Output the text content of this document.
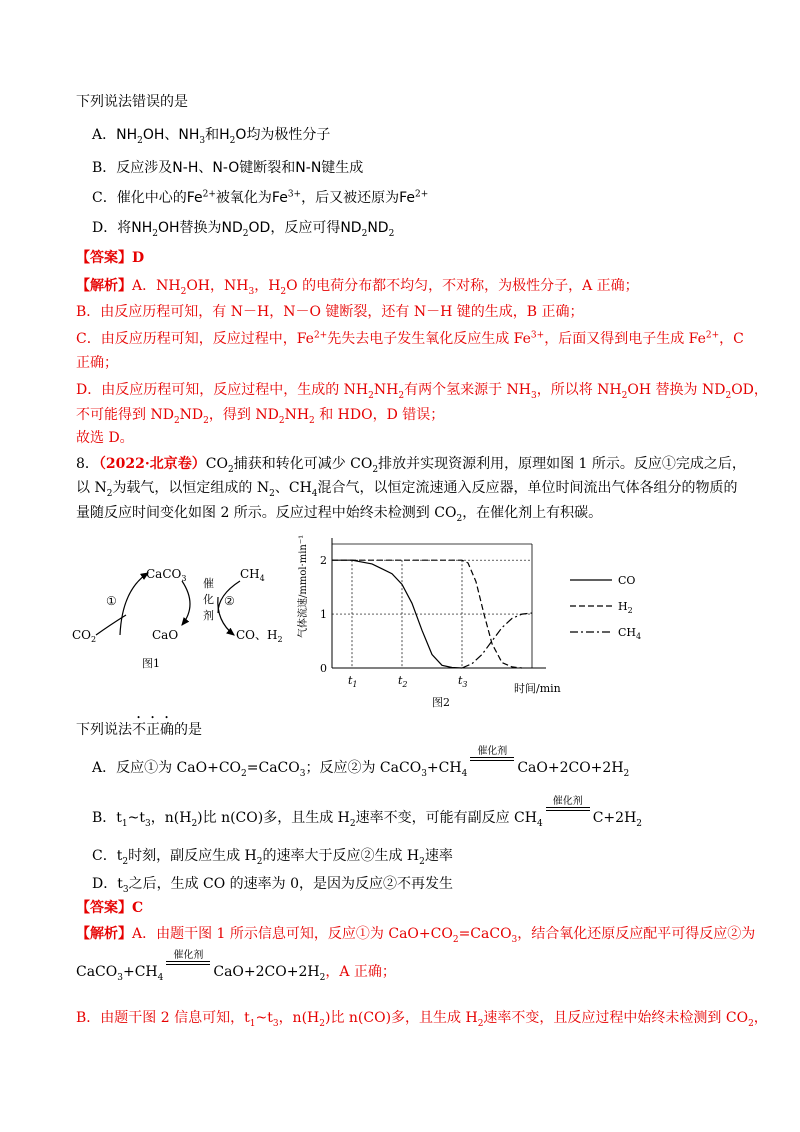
下列说法错误的是
A．$NH_2OH$、$NH_3$和$H_2O$均为极性分子
B．反应涉及N-H、N-O键断裂和N-N键生成
C．催化中心的$Fe^{2+}$被氧化为$Fe^{3+}$，后又被还原为$Fe^{2+}$
D．将$NH_2OH$替换为$ND_2OD$，反应可得$ND_2ND_2$
【答案】D
【解析】A．$NH_2OH$，$NH_3$，$H_2O$ 的电荷分布都不均匀，不对称，为极性分子，A 正确；
B．由反应历程可知，有 N－H，N－O 键断裂，还有 N－H 键的生成，B 正确；
C．由反应历程可知，反应过程中，$Fe^{2+}$先失去电子发生氧化反应生成 $Fe^{3+}$，后面又得到电子生成 $Fe^{2+}$，C
正确；
D．由反应历程可知，反应过程中，生成的 $NH_2NH_2$有两个氢来源于 $NH_3$，所以将 $NH_2OH$ 替换为 $ND_2OD$，
不可能得到 $ND_2ND_2$，得到 $ND_2NH_2$ 和 HDO，D 错误；
故选 D。
8．（2022·北京卷）$CO_2$捕获和转化可减少 $CO_2$排放并实现资源利用，原理如图 1 所示。反应①完成之后，
以 $N_2$为载气，以恒定组成的 $N_2$、$CH_4$混合气，以恒定流速通入反应器，单位时间流出气体各组分的物质的
量随反应时间变化如图 2 所示。反应过程中始终未检测到 $CO_2$，在催化剂上有积碳。
CaCO$_3$	$CH_4$
CaO
$CO_2$	CO、$H_2$
①	②
催
化
剂
图1	0
1
2
$t_1$	$t_2$	$t_3$	时间/min
气体流速/mmol·min⁻¹
图2
CO
$H_2$
$CH_4$
下列说法不正确的是
A．反应①为 $CaO+CO_2=CaCO_3$；反应②为 $CaCO_3+CH_4$
催化剂
$CaO+2CO+2H_2$
B．$t_1\sim t_3$，$n(H_2)$比 n(CO)多，且生成 $H_2$速率不变，可能有副反应 $CH_4$
催化剂
$C+2H_2$
C．$t_2$时刻，副反应生成 $H_2$的速率大于反应②生成 $H_2$速率
D．$t_3$之后，生成 CO 的速率为 0，是因为反应②不再发生
【答案】C
【解析】A．由题干图 1 所示信息可知，反应①为 $CaO+CO_2=CaCO_3$，结合氧化还原反应配平可得反应②为
$CaCO_3+CH_4$
催化剂
$CaO+2CO+2H_2$，A 正确；
B．由题干图 2 信息可知，$t_1\sim t_3$，$n(H_2)$比 n(CO)多，且生成 $H_2$速率不变，且反应过程中始终未检测到 $CO_2$，
